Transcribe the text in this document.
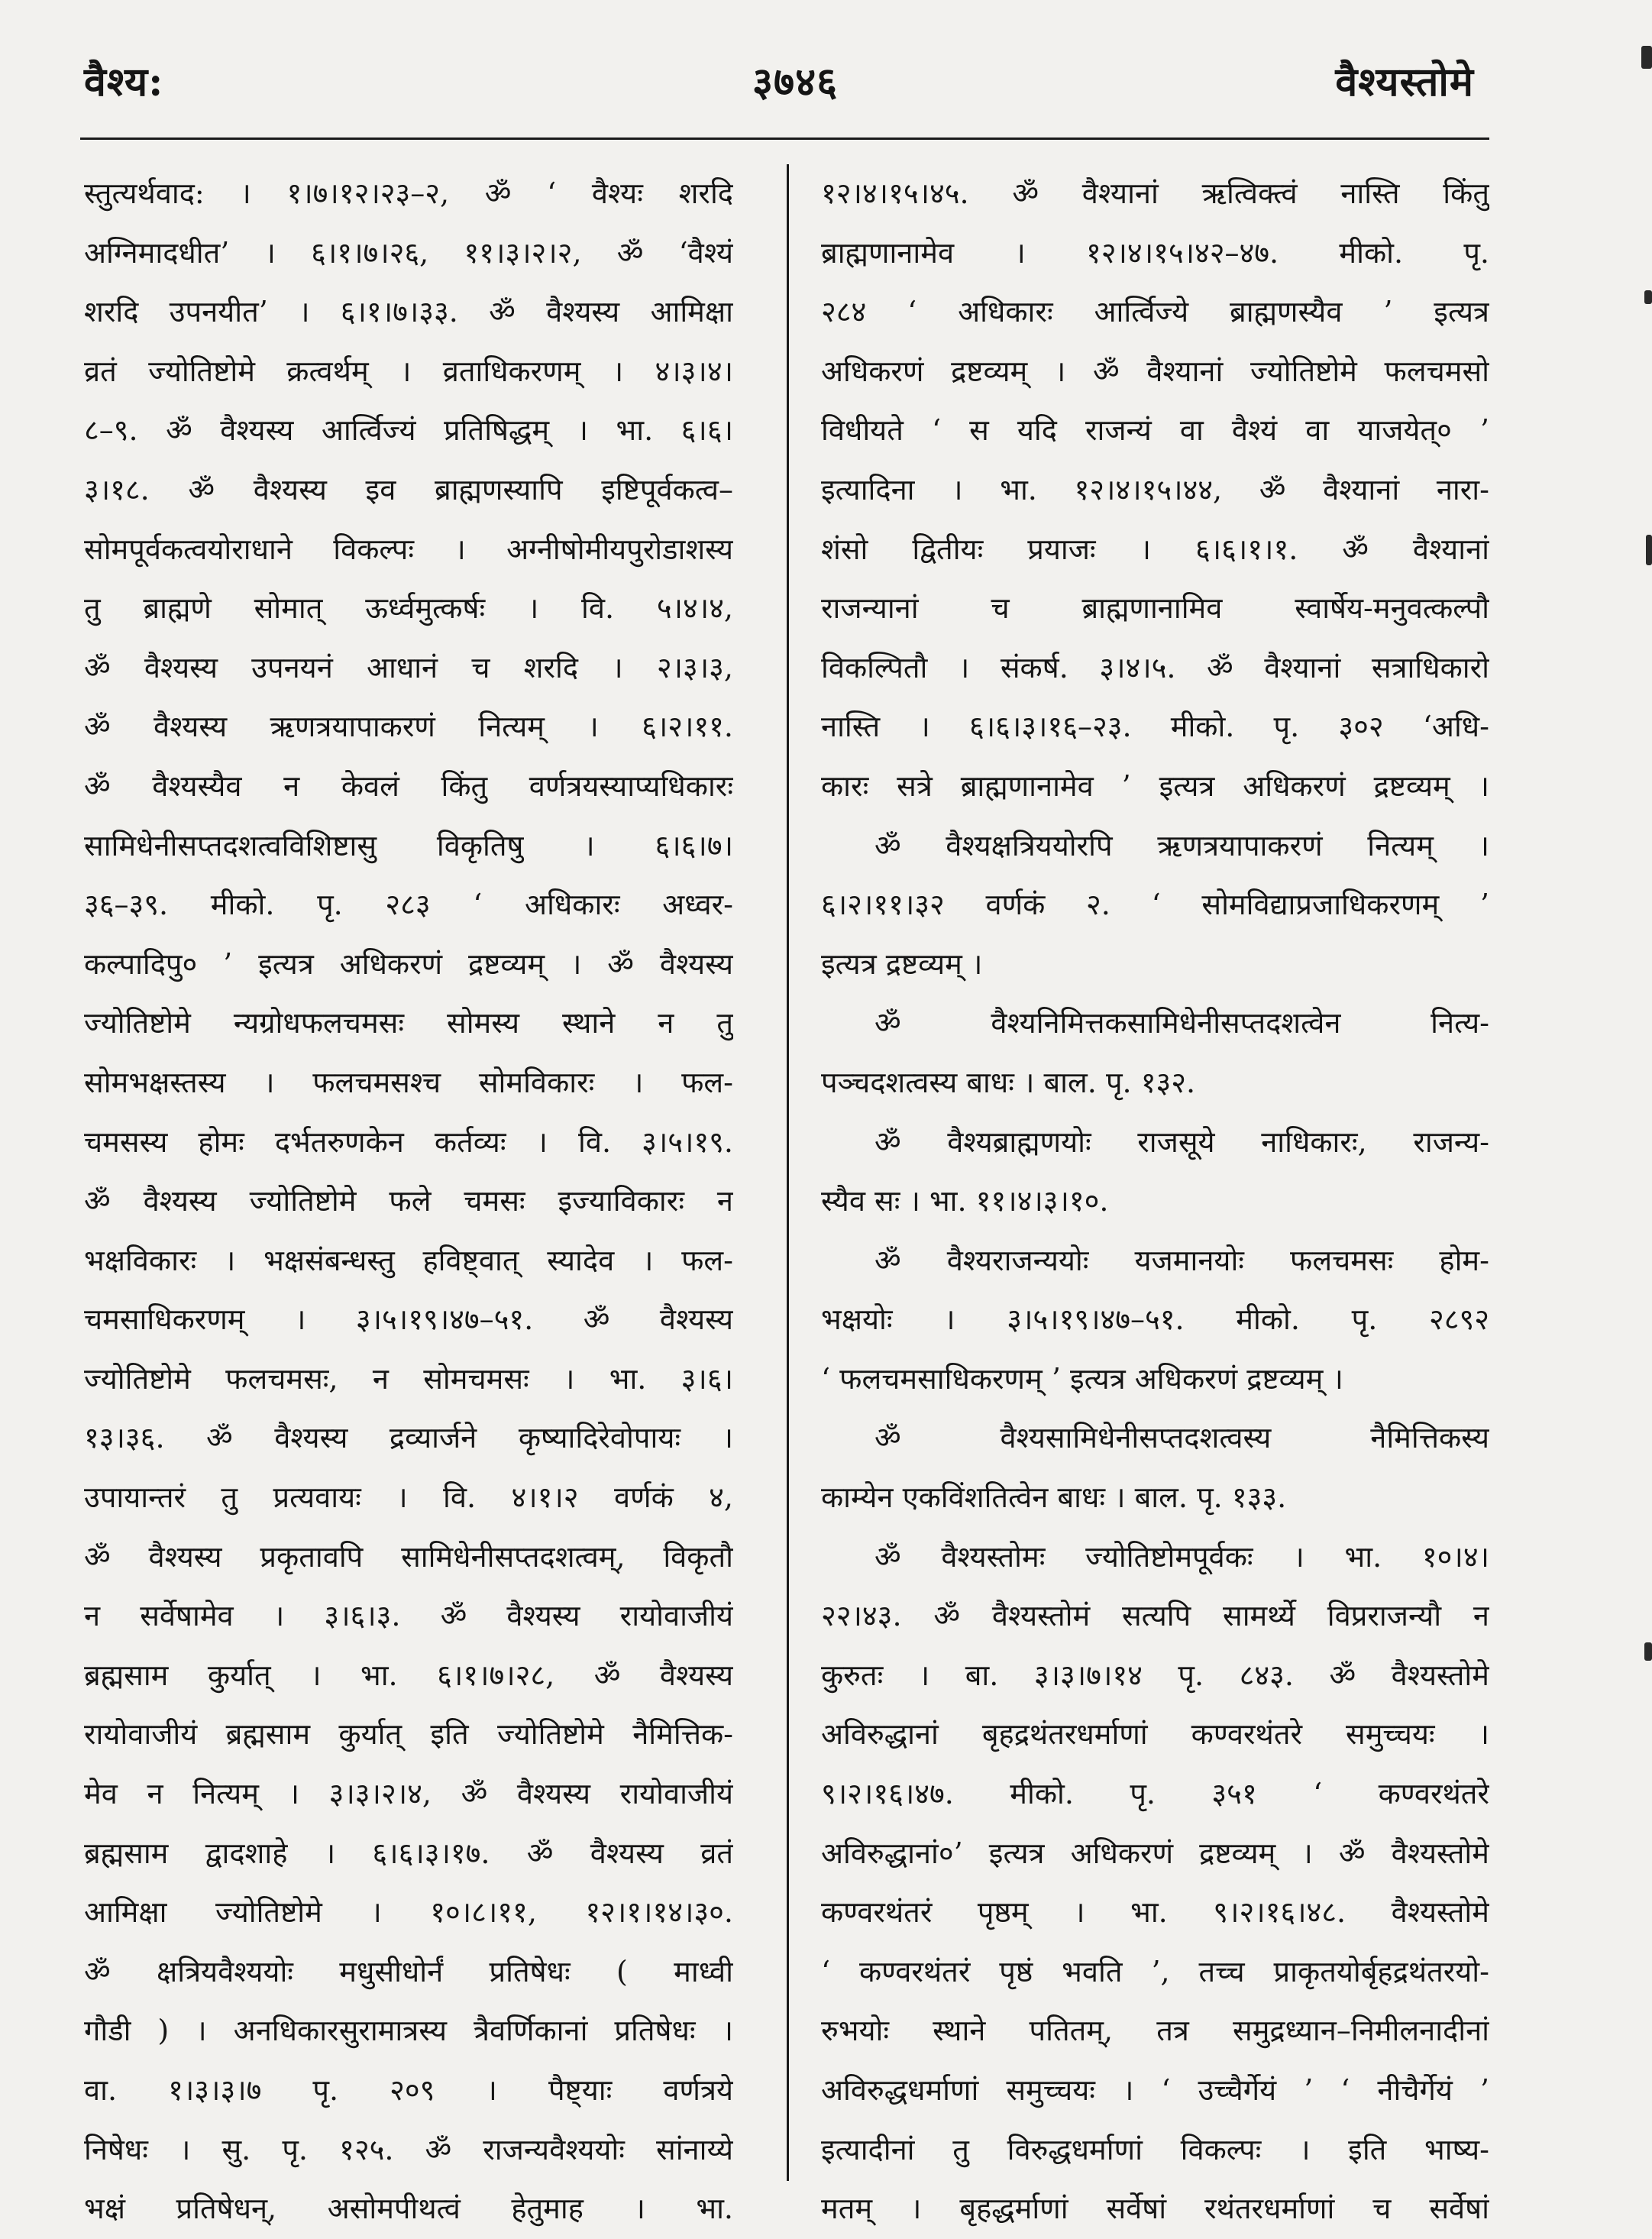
वैश्य:	३७४६	वैश्यस्तोमे
स्तुत्यर्थवाद: । १।७।१२।२३–२, ॐ ‘ वैश्यः शरदि
अग्निमादधीत’ । ६।१।७।२६, ११।३।२।२, ॐ ‘वैश्यं
शरदि उपनयीत’ । ६।१।७।३३. ॐ वैश्यस्य आमिक्षा
व्रतं ज्योतिष्टोमे क्रत्वर्थम् । व्रताधिकरणम् । ४।३।४।
८–९. ॐ वैश्यस्य आर्त्विज्यं प्रतिषिद्धम् । भा. ६।६।
३।१८. ॐ वैश्यस्य इव ब्राह्मणस्यापि इष्टिपूर्वकत्व–
सोमपूर्वकत्वयोराधाने विकल्पः । अग्नीषोमीयपुरोडाशस्य
तु ब्राह्मणे सोमात् ऊर्ध्वमुत्कर्षः । वि. ५।४।४,
ॐ वैश्यस्य उपनयनं आधानं च शरदि । २।३।३,
ॐ वैश्यस्य ऋणत्रयापाकरणं नित्यम् । ६।२।११.
ॐ वैश्यस्यैव न केवलं किंतु वर्णत्रयस्याप्यधिकारः
सामिधेनीसप्तदशत्वविशिष्टासु विकृतिषु । ६।६।७।
३६–३९. मीको. पृ. २८३ ‘ अधिकारः अध्वर-
कल्पादिपु० ’ इत्यत्र अधिकरणं द्रष्टव्यम् । ॐ वैश्यस्य
ज्योतिष्टोमे न्यग्रोधफलचमसः सोमस्य स्थाने न तु
सोमभक्षस्तस्य । फलचमसश्च सोमविकारः । फल-
चमसस्य होमः दर्भतरुणकेन कर्तव्यः । वि. ३।५।१९.
ॐ वैश्यस्य ज्योतिष्टोमे फले चमसः इज्याविकारः न
भक्षविकारः । भक्षसंबन्धस्तु हविष्ट्वात् स्यादेव । फल-
चमसाधिकरणम् । ३।५।१९।४७–५१. ॐ वैश्यस्य
ज्योतिष्टोमे फलचमसः, न सोमचमसः । भा. ३।६।
१३।३६. ॐ वैश्यस्य द्रव्यार्जने कृष्यादिरेवोपायः ।
उपायान्तरं तु प्रत्यवायः । वि. ४।१।२ वर्णकं ४,
ॐ वैश्यस्य प्रकृतावपि सामिधेनीसप्तदशत्वम्, विकृतौ
न सर्वेषामेव । ३।६।३. ॐ वैश्यस्य रायोवाजीयं
ब्रह्मसाम कुर्यात् । भा. ६।१।७।२८, ॐ वैश्यस्य
रायोवाजीयं ब्रह्मसाम कुर्यात् इति ज्योतिष्टोमे नैमित्तिक-
मेव न नित्यम् । ३।३।२।४, ॐ वैश्यस्य रायोवाजीयं
ब्रह्मसाम द्वादशाहे । ६।६।३।१७. ॐ वैश्यस्य व्रतं
आमिक्षा ज्योतिष्टोमे । १०।८।११, १२।१।१४।३०.
ॐ क्षत्रियवैश्ययोः मधुसीधोर्नं प्रतिषेधः ( माध्वी
गौडी ) । अनधिकारसुरामात्रस्य त्रैवर्णिकानां प्रतिषेधः ।
वा. १।३।३।७ पृ. २०९ । पैष्ट्याः वर्णत्रये
निषेधः । सु. पृ. १२५. ॐ राजन्यवैश्ययोः सांनाय्ये
भक्षं प्रतिषेधन्, असोमपीथत्वं हेतुमाह । भा.
१२।४।१५।४५. ॐ वैश्यानां ऋत्विक्त्वं नास्ति किंतु
ब्राह्मणानामेव । १२।४।१५।४२–४७. मीको. पृ.
२८४ ‘ अधिकारः आर्त्विज्ये ब्राह्मणस्यैव ’ इत्यत्र
अधिकरणं द्रष्टव्यम् । ॐ वैश्यानां ज्योतिष्टोमे फलचमसो
विधीयते ‘ स यदि राजन्यं वा वैश्यं वा याजयेत्० ’
इत्यादिना । भा. १२।४।१५।४४, ॐ वैश्यानां नारा-
शंसो द्वितीयः प्रयाजः । ६।६।१।१. ॐ वैश्यानां
राजन्यानां च ब्राह्मणानामिव स्वार्षेय-मनुवत्कल्पौ
विकल्पितौ । संकर्ष. ३।४।५. ॐ वैश्यानां सत्राधिकारो
नास्ति । ६।६।३।१६–२३. मीको. पृ. ३०२ ‘अधि-
कारः सत्रे ब्राह्मणानामेव ’ इत्यत्र अधिकरणं द्रष्टव्यम् ।
ॐ वैश्यक्षत्रिययोरपि ऋणत्रयापाकरणं नित्यम् ।
६।२।११।३२ वर्णकं २. ‘ सोमविद्याप्रजाधिकरणम् ’
इत्यत्र द्रष्टव्यम् ।
ॐ वैश्यनिमित्तकसामिधेनीसप्तदशत्वेन नित्य-
पञ्चदशत्वस्य बाधः । बाल. पृ. १३२.
ॐ वैश्यब्राह्मणयोः राजसूये नाधिकारः, राजन्य-
स्यैव सः । भा. ११।४।३।१०.
ॐ वैश्यराजन्ययोः यजमानयोः फलचमसः होम-
भक्षयोः । ३।५।१९।४७–५१. मीको. पृ. २८९२
‘ फलचमसाधिकरणम् ’ इत्यत्र अधिकरणं द्रष्टव्यम् ।
ॐ वैश्यसामिधेनीसप्तदशत्वस्य नैमित्तिकस्य
काम्येन एकविंशतित्वेन बाधः । बाल. पृ. १३३.
ॐ वैश्यस्तोमः ज्योतिष्टोमपूर्वकः । भा. १०।४।
२२।४३. ॐ वैश्यस्तोमं सत्यपि सामर्थ्ये विप्रराजन्यौ न
कुरुतः । बा. ३।३।७।१४ पृ. ८४३. ॐ वैश्यस्तोमे
अविरुद्धानां बृहद्रथंतरधर्माणां कण्वरथंतरे समुच्चयः ।
९।२।१६।४७. मीको. पृ. ३५१ ‘ कण्वरथंतरे
अविरुद्धानां०’ इत्यत्र अधिकरणं द्रष्टव्यम् । ॐ वैश्यस्तोमे
कण्वरथंतरं पृष्ठम् । भा. ९।२।१६।४८. वैश्यस्तोमे
‘ कण्वरथंतरं पृष्ठं भवति ’, तच्च प्राकृतयोर्बृहद्रथंतरयो-
रुभयोः स्थाने पतितम्, तत्र समुद्रध्यान–निमीलनादीनां
अविरुद्धधर्माणां समुच्चयः । ‘ उच्चैर्गेयं ’ ‘ नीचैर्गेयं ’
इत्यादीनां तु विरुद्धधर्माणां विकल्पः । इति भाष्य-
मतम् । बृहद्धर्माणां सर्वेषां रथंतरधर्माणां च सर्वेषां
